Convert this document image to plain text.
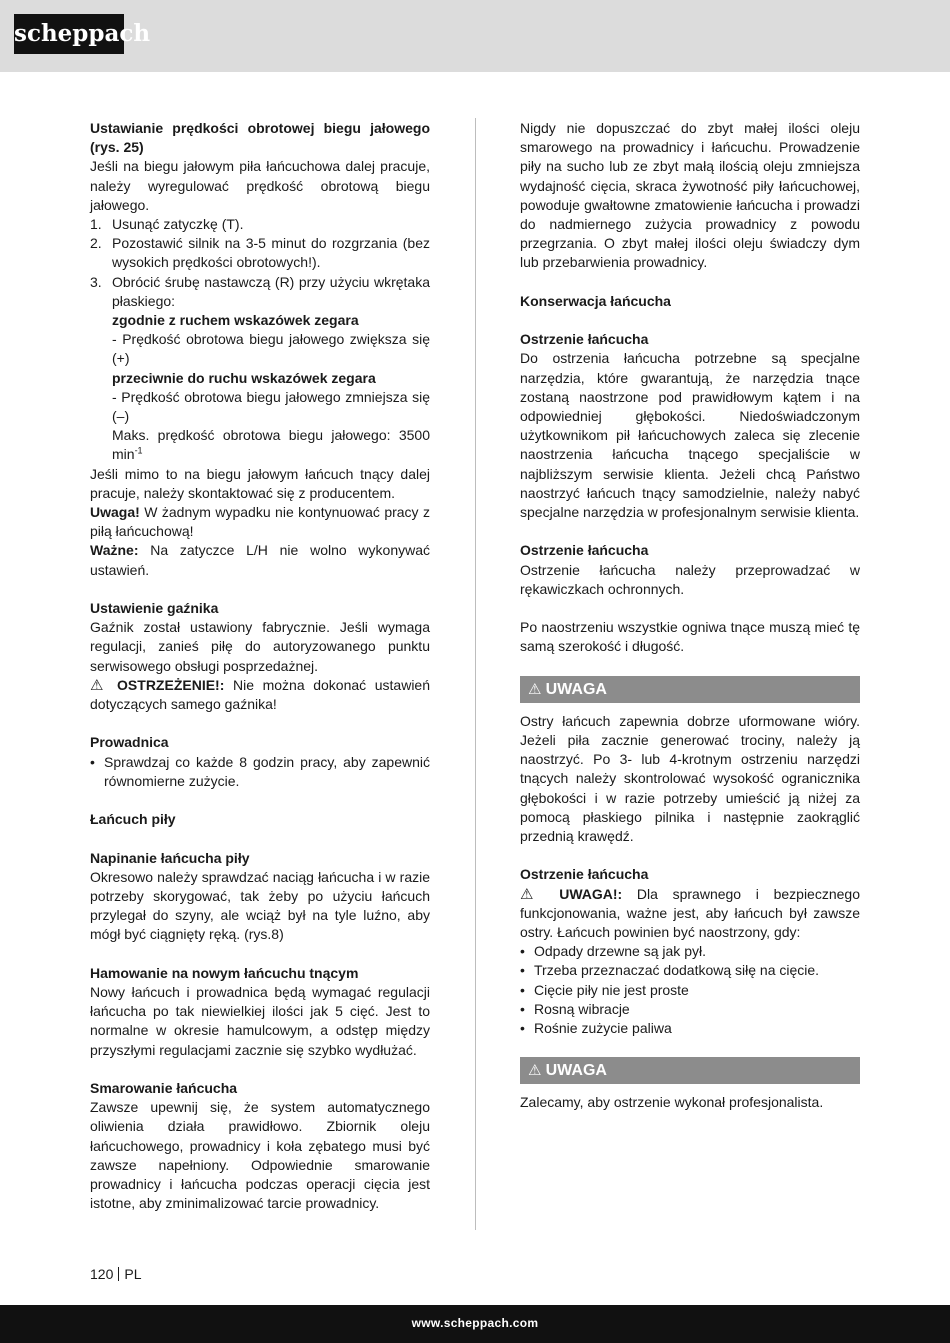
scheppach

Ustawianie prędkości obrotowej biegu jałowego (rys. 25)

Jeśli na biegu jałowym piła łańcuchowa dalej pracuje, należy wyregulować prędkość obrotową biegu jałowego.

1. Usunąć zatyczkę (T).

2. Pozostawić silnik na 3-5 minut do rozgrzania (bez wysokich prędkości obrotowych!).

3. Obrócić śrubę nastawczą (R) przy użyciu wkrętaka płaskiego:

zgodnie z ruchem wskazówek zegara

- Prędkość obrotowa biegu jałowego zwiększa się (+)

przeciwnie do ruchu wskazówek zegara

- Prędkość obrotowa biegu jałowego zmniejsza się (–)

Maks. prędkość obrotowa biegu jałowego: 3500 $\min^{-1}$

Jeśli mimo to na biegu jałowym łańcuch tnący dalej pracuje, należy skontaktować się z producentem.

Uwaga! W żadnym wypadku nie kontynuować pracy z piłą łańcuchową!

Ważne: Na zatyczce L/H nie wolno wykonywać ustawień.

Ustawienie gaźnika

Gaźnik został ustawiony fabrycznie. Jeśli wymaga regulacji, zanieś piłę do autoryzowanego punktu serwisowego obsługi posprzedażnej.

⚠ OSTRZEŻENIE!: Nie można dokonać ustawień dotyczących samego gaźnika!

Prowadnica

• Sprawdzaj co każde 8 godzin pracy, aby zapewnić równomierne zużycie.

Łańcuch piły

Napinanie łańcucha piły

Okresowo należy sprawdzać naciąg łańcucha i w razie potrzeby skorygować, tak żeby po użyciu łańcuch przylegał do szyny, ale wciąż był na tyle luźno, aby mógł być ciągnięty ręką. (rys.8)

Hamowanie na nowym łańcuchu tnącym

Nowy łańcuch i prowadnica będą wymagać regulacji łańcucha po tak niewielkiej ilości jak 5 cięć. Jest to normalne w okresie hamulcowym, a odstęp między przyszłymi regulacjami zacznie się szybko wydłużać.

Smarowanie łańcucha

Zawsze upewnij się, że system automatycznego oliwienia działa prawidłowo. Zbiornik oleju łańcuchowego, prowadnicy i koła zębatego musi być zawsze napełniony. Odpowiednie smarowanie prowadnicy i łańcucha podczas operacji cięcia jest istotne, aby zminimalizować tarcie prowadnicy.

Nigdy nie dopuszczać do zbyt małej ilości oleju smarowego na prowadnicy i łańcuchu. Prowadzenie piły na sucho lub ze zbyt małą ilością oleju zmniejsza wydajność cięcia, skraca żywotność piły łańcuchowej, powoduje gwałtowne zmatowienie łańcucha i prowadzi do nadmiernego zużycia prowadnicy z powodu przegrzania. O zbyt małej ilości oleju świadczy dym lub przebarwienia prowadnicy.

Konserwacja łańcucha

Ostrzenie łańcucha

Do ostrzenia łańcucha potrzebne są specjalne narzędzia, które gwarantują, że narzędzia tnące zostaną naostrzone pod prawidłowym kątem i na odpowiedniej głębokości. Niedoświadczonym użytkownikom pił łańcuchowych zaleca się zlecenie naostrzenia łańcucha tnącego specjaliście w najbliższym serwisie klienta. Jeżeli chcą Państwo naostrzyć łańcuch tnący samodzielnie, należy nabyć specjalne narzędzia w profesjonalnym serwisie klienta.

Ostrzenie łańcucha

Ostrzenie łańcucha należy przeprowadzać w rękawiczkach ochronnych.

Po naostrzeniu wszystkie ogniwa tnące muszą mieć tę samą szerokość i długość.

⚠ UWAGA

Ostry łańcuch zapewnia dobrze uformowane wióry. Jeżeli piła zacznie generować trociny, należy ją naostrzyć. Po 3- lub 4-krotnym ostrzeniu narzędzi tnących należy skontrolować wysokość ogranicznika głębokości i w razie potrzeby umieścić ją niżej za pomocą płaskiego pilnika i następnie zaokrąglić przednią krawędź.

Ostrzenie łańcucha

⚠ UWAGA!: Dla sprawnego i bezpiecznego funkcjonowania, ważne jest, aby łańcuch był zawsze ostry. Łańcuch powinien być naostrzony, gdy:

• Odpady drzewne są jak pył.

• Trzeba przeznaczać dodatkową siłę na cięcie.

• Cięcie piły nie jest proste

• Rosną wibracje

• Rośnie zużycie paliwa

⚠ UWAGA

Zalecamy, aby ostrzenie wykonał profesjonalista.

120 PL
www.scheppach.com
